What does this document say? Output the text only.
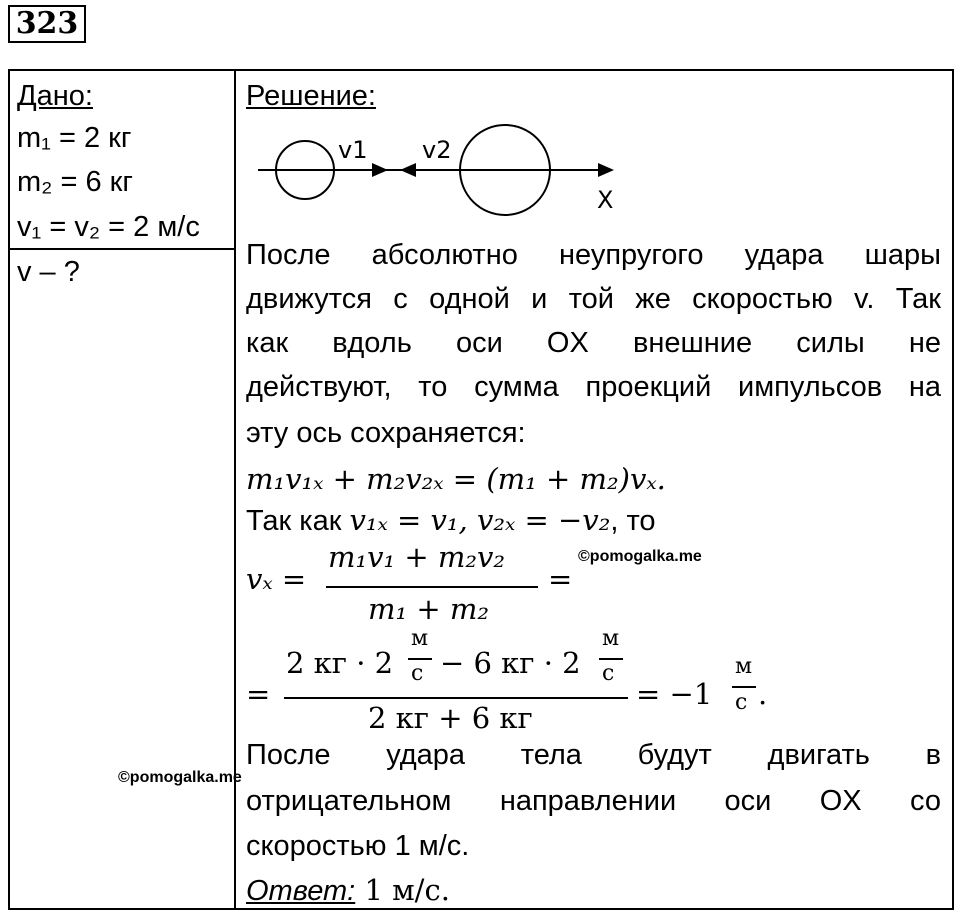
323
Дано:
m₁ = 2 кг
m₂ = 6 кг
v₁ = v₂ = 2 м/с
v – ?
Решение:
v1 v2
X
После абсолютно неупругого удара шары
движутся с одной и той же скоростью v. Так
как вдоль оси OX внешние силы не
действуют, то сумма проекций импульсов на
эту ось сохраняется:
m₁v₁ₓ + m₂v₂ₓ = (m₁ + m₂)vₓ.
Так как v₁ₓ = v₁, v₂ₓ = −v₂, то
©pomogalka.me
vₓ =
m₁v₁ + m₂v₂
m₁ + m₂
=
=
2 кг · 2
м
с − 6 кг · 2
м
с
2 кг + 6 кг
= −1
м
с .
После удара тела будут двигать в
отрицательном направлении оси OX со
скоростью 1 м/с.
©pomogalka.me
Ответ: 1 м/с.
